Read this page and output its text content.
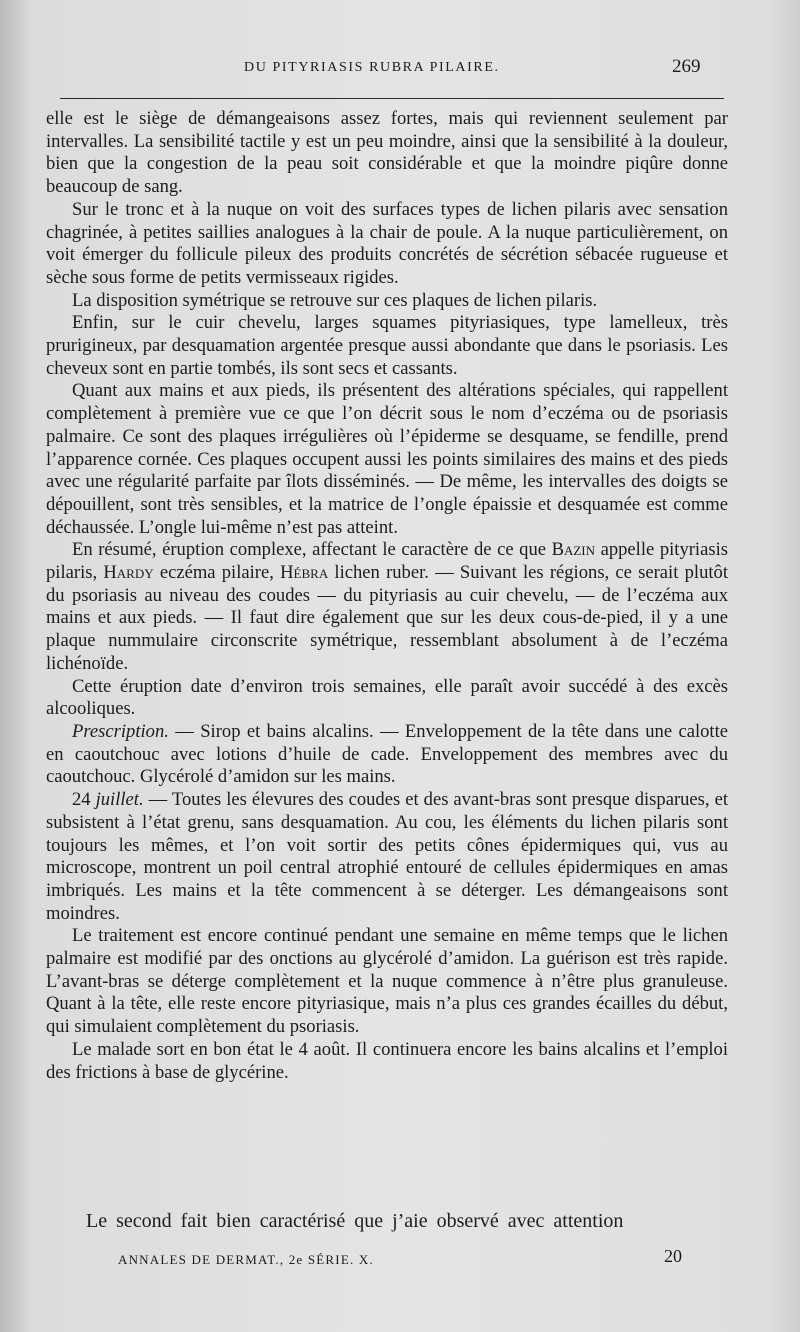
DU PITYRIASIS RUBRA PILAIRE.	269

elle est le siège de démangeaisons assez fortes, mais qui reviennent seulement par intervalles. La sensibilité tactile y est un peu moindre, ainsi que la sensibilité à la douleur, bien que la congestion de la peau soit considérable et que la moindre piqûre donne beaucoup de sang.

Sur le tronc et à la nuque on voit des surfaces types de lichen pilaris avec sensation chagrinée, à petites saillies analogues à la chair de poule. A la nuque particulièrement, on voit émerger du follicule pileux des produits concrétés de sécrétion sébacée rugueuse et sèche sous forme de petits vermisseaux rigides.

La disposition symétrique se retrouve sur ces plaques de lichen pilaris.

Enfin, sur le cuir chevelu, larges squames pityriasiques, type lamelleux, très prurigineux, par desquamation argentée presque aussi abondante que dans le psoriasis. Les cheveux sont en partie tombés, ils sont secs et cassants.

Quant aux mains et aux pieds, ils présentent des altérations spéciales, qui rappellent complètement à première vue ce que l’on décrit sous le nom d’eczéma ou de psoriasis palmaire. Ce sont des plaques irrégulières où l’épiderme se desquame, se fendille, prend l’apparence cornée. Ces plaques occupent aussi les points similaires des mains et des pieds avec une régularité parfaite par îlots disséminés. — De même, les intervalles des doigts se dépouillent, sont très sensibles, et la matrice de l’ongle épaissie et desquamée est comme déchaussée. L’ongle lui-même n’est pas atteint.

En résumé, éruption complexe, affectant le caractère de ce que Bazin appelle pityriasis pilaris, Hardy eczéma pilaire, Hébra lichen ruber. — Suivant les régions, ce serait plutôt du psoriasis au niveau des coudes — du pityriasis au cuir chevelu, — de l’eczéma aux mains et aux pieds. — Il faut dire également que sur les deux cous-de-pied, il y a une plaque nummulaire circonscrite symétrique, ressemblant absolument à de l’eczéma lichénoïde.

Cette éruption date d’environ trois semaines, elle paraît avoir succédé à des excès alcooliques.

Prescription. — Sirop et bains alcalins. — Enveloppement de la tête dans une calotte en caoutchouc avec lotions d’huile de cade. Enveloppement des membres avec du caoutchouc. Glycérolé d’amidon sur les mains.

24 juillet. — Toutes les élevures des coudes et des avant-bras sont presque disparues, et subsistent à l’état grenu, sans desquamation. Au cou, les éléments du lichen pilaris sont toujours les mêmes, et l’on voit sortir des petits cônes épidermiques qui, vus au microscope, montrent un poil central atrophié entouré de cellules épidermiques en amas imbriqués. Les mains et la tête commencent à se déterger. Les démangeaisons sont moindres.

Le traitement est encore continué pendant une semaine en même temps que le lichen palmaire est modifié par des onctions au glycérolé d’amidon. La guérison est très rapide. L’avant-bras se déterge complètement et la nuque commence à n’être plus granuleuse. Quant à la tête, elle reste encore pityriasique, mais n’a plus ces grandes écailles du début, qui simulaient complètement du psoriasis.

Le malade sort en bon état le 4 août. Il continuera encore les bains alcalins et l’emploi des frictions à base de glycérine.

Le second fait bien caractérisé que j’aie observé avec attention
ANNALES DE DERMAT., 2e SÉRIE. X.	20
